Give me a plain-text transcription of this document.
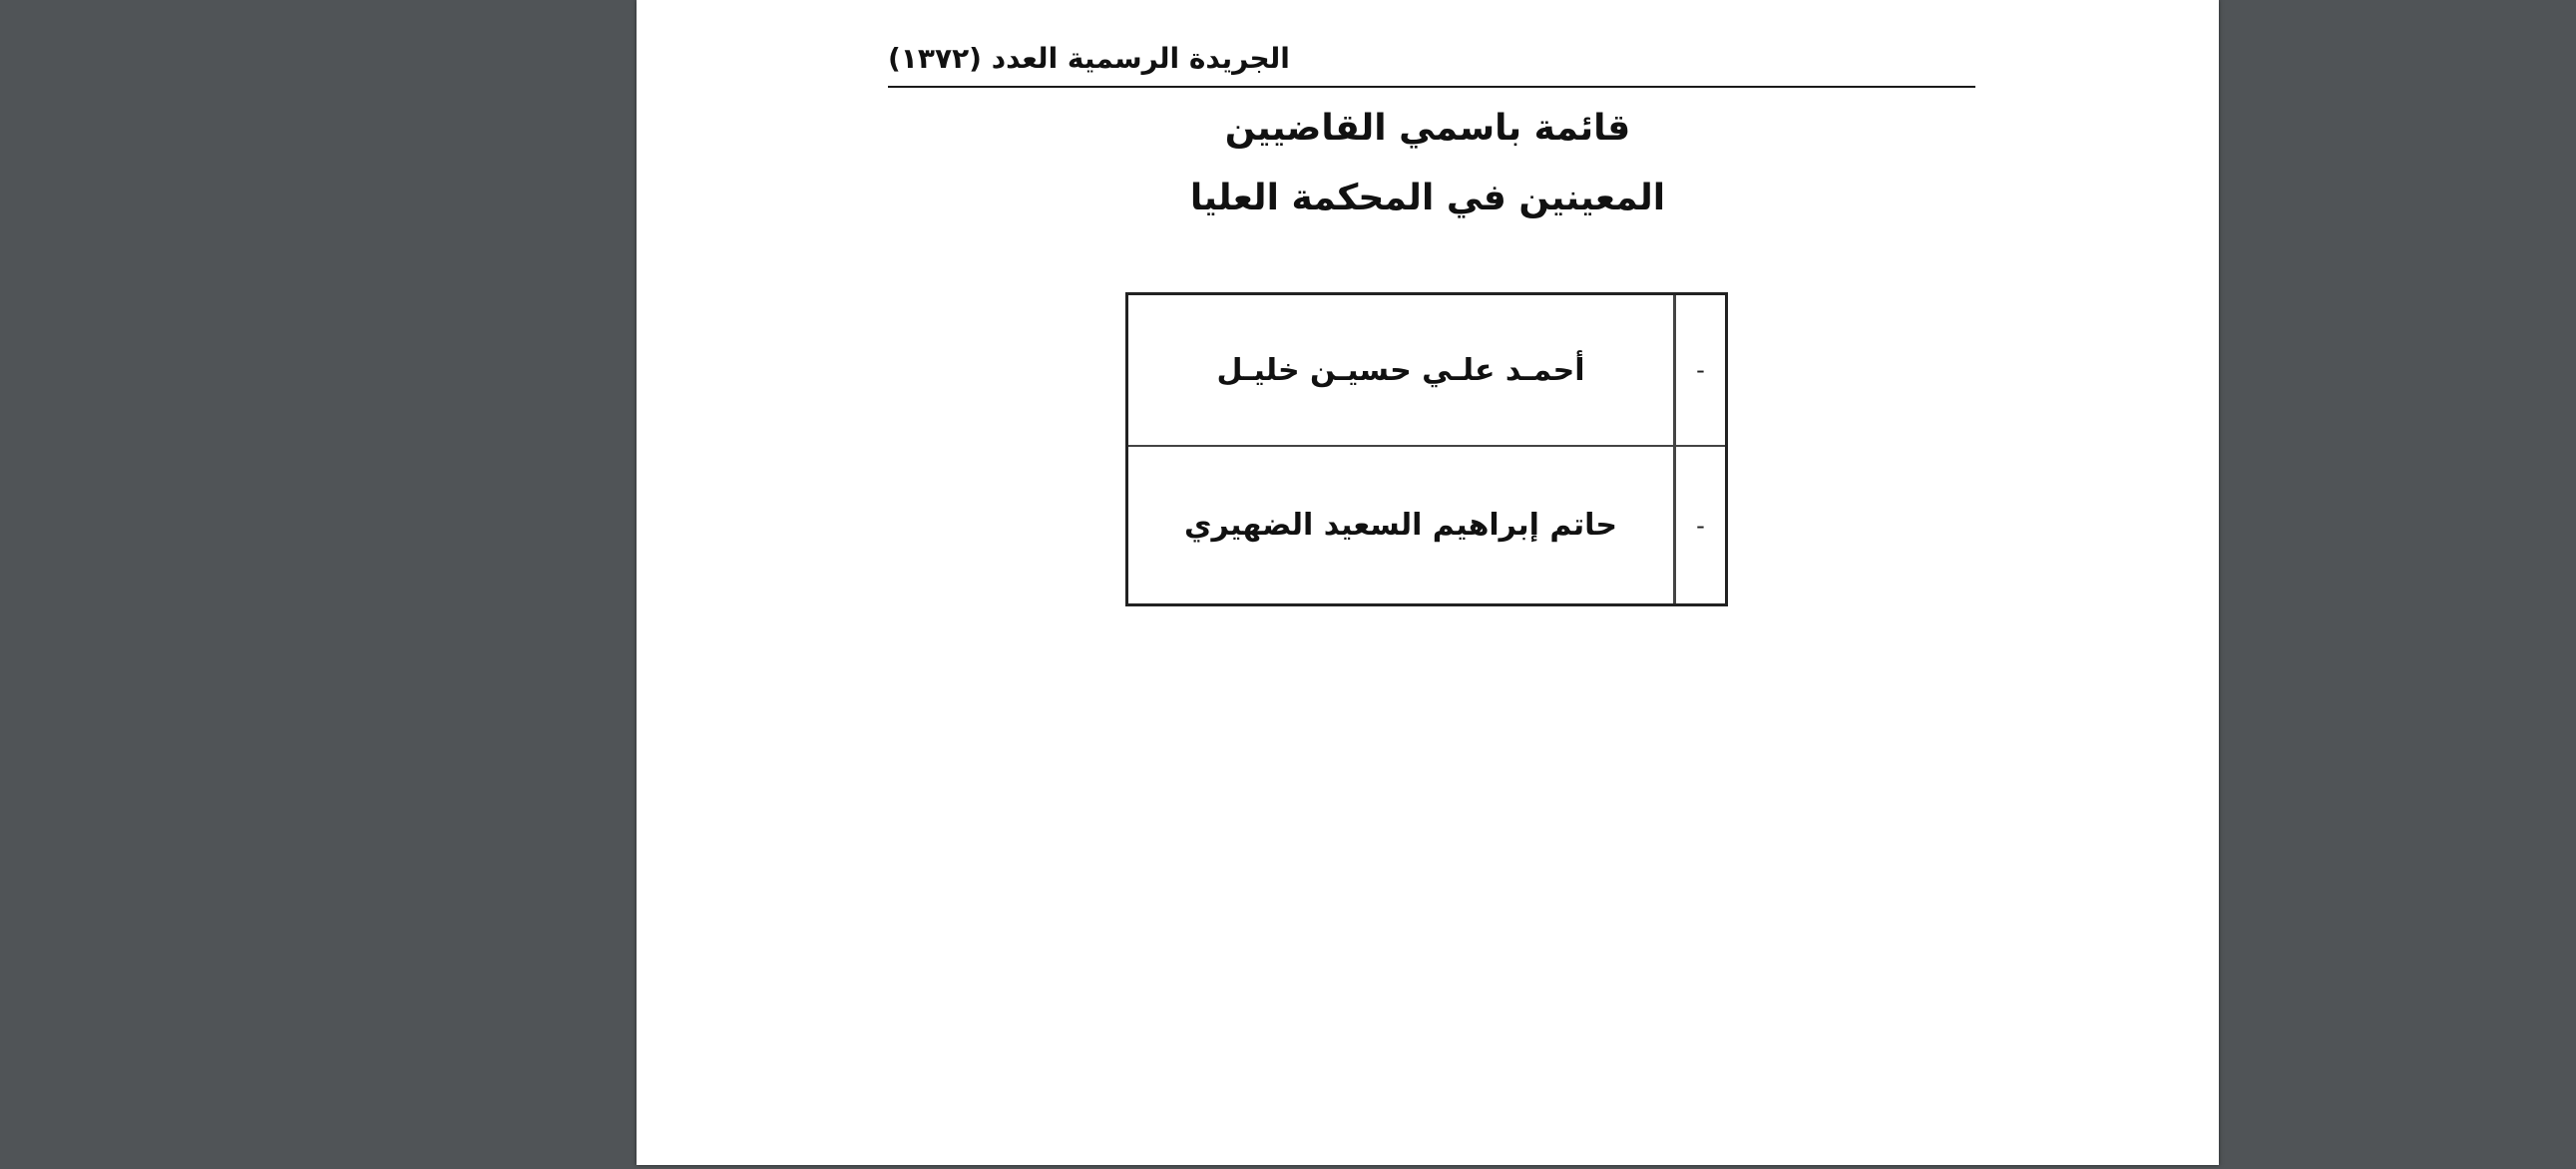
الجريدة الرسمية العدد (١٣٧٢)
قائمة باسمي القاضيين
المعينين في المحكمة العليا
-
أحمـد علـي حسيـن خليـل
-
حاتم إبراهيم السعيد الضهيري
